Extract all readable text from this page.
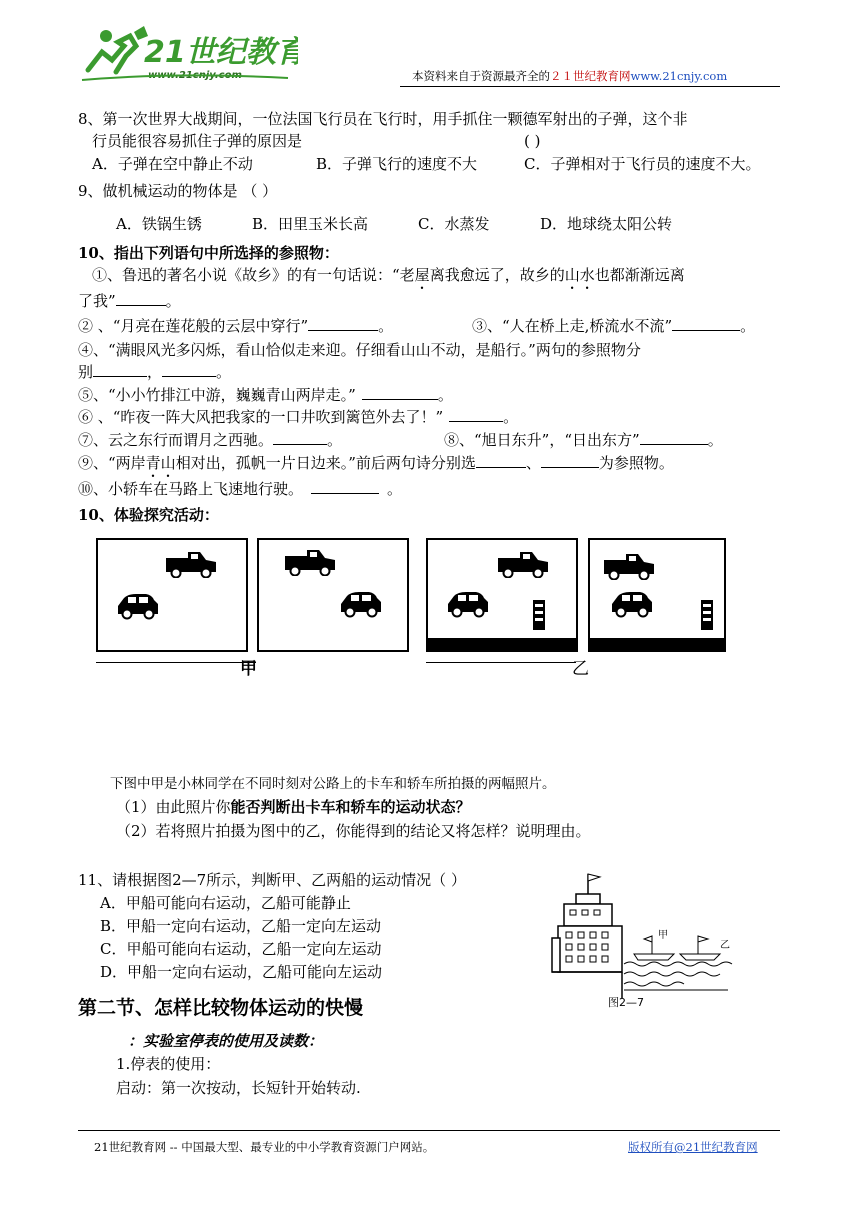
21世纪教育
www.21cnjy.com	本资料来自于资源最齐全的２１世纪教育网www.21cnjy.com
8、第一次世界大战期间，一位法国飞行员在飞行时，用手抓住一颗德军射出的子弹，这个非
行员能很容易抓住子弹的原因是	( )
A．子弹在空中静止不动	B．子弹飞行的速度不大	C．子弹相对于飞行员的速度不大。
9、做机械运动的物体是 （ ）
A．铁锅生锈	B．田里玉米长高	C．水蒸发	D．地球绕太阳公转
10、指出下列语句中所选择的参照物：
①、鲁迅的著名小说《故乡》的有一句话说：“老屋离我愈远了，故乡的山水也都渐渐远离
了我”	。
② 、“月亮在莲花般的云层中穿行”	。	③、“人在桥上走,桥流水不流”	。
④、“满眼风光多闪烁，看山恰似走来迎。仔细看山山不动，是船行。”两句的参照物分
别	，	。
⑤、“小小竹排江中游，巍巍青山两岸走。”	。
⑥ 、“昨夜一阵大风把我家的一口井吹到篱笆外去了！”	。
⑦、云之东行而谓月之西驰。	。	⑧、“旭日东升”，“日出东方”	。
⑨、“两岸青山相对出，孤帆一片日边来。”前后两句诗分别选	、	为参照物。
⑩、小轿车在马路上飞速地行驶。	。
10、体验探究活动：
甲	乙
下图中甲是小林同学在不同时刻对公路上的卡车和轿车所拍摄的两幅照片。
（1）由此照片你能否判断出卡车和轿车的运动状态？
（2）若将照片拍摄为图中的乙，你能得到的结论又将怎样？说明理由。
11、请根据图2—7所示，判断甲、乙两船的运动情况（ ）
A．甲船可能向右运动，乙船可能静止
B．甲船一定向右运动，乙船一定向左运动
C．甲船可能向右运动，乙船一定向左运动
D．甲船一定向右运动，乙船可能向左运动
甲
乙
图2—7
第二节、怎样比较物体运动的快慢
：实验室停表的使用及读数：
1.停表的使用：
启动：第一次按动，长短针开始转动.
21世纪教育网 -- 中国最大型、最专业的中小学教育资源门户网站。	版权所有@21世纪教育网
